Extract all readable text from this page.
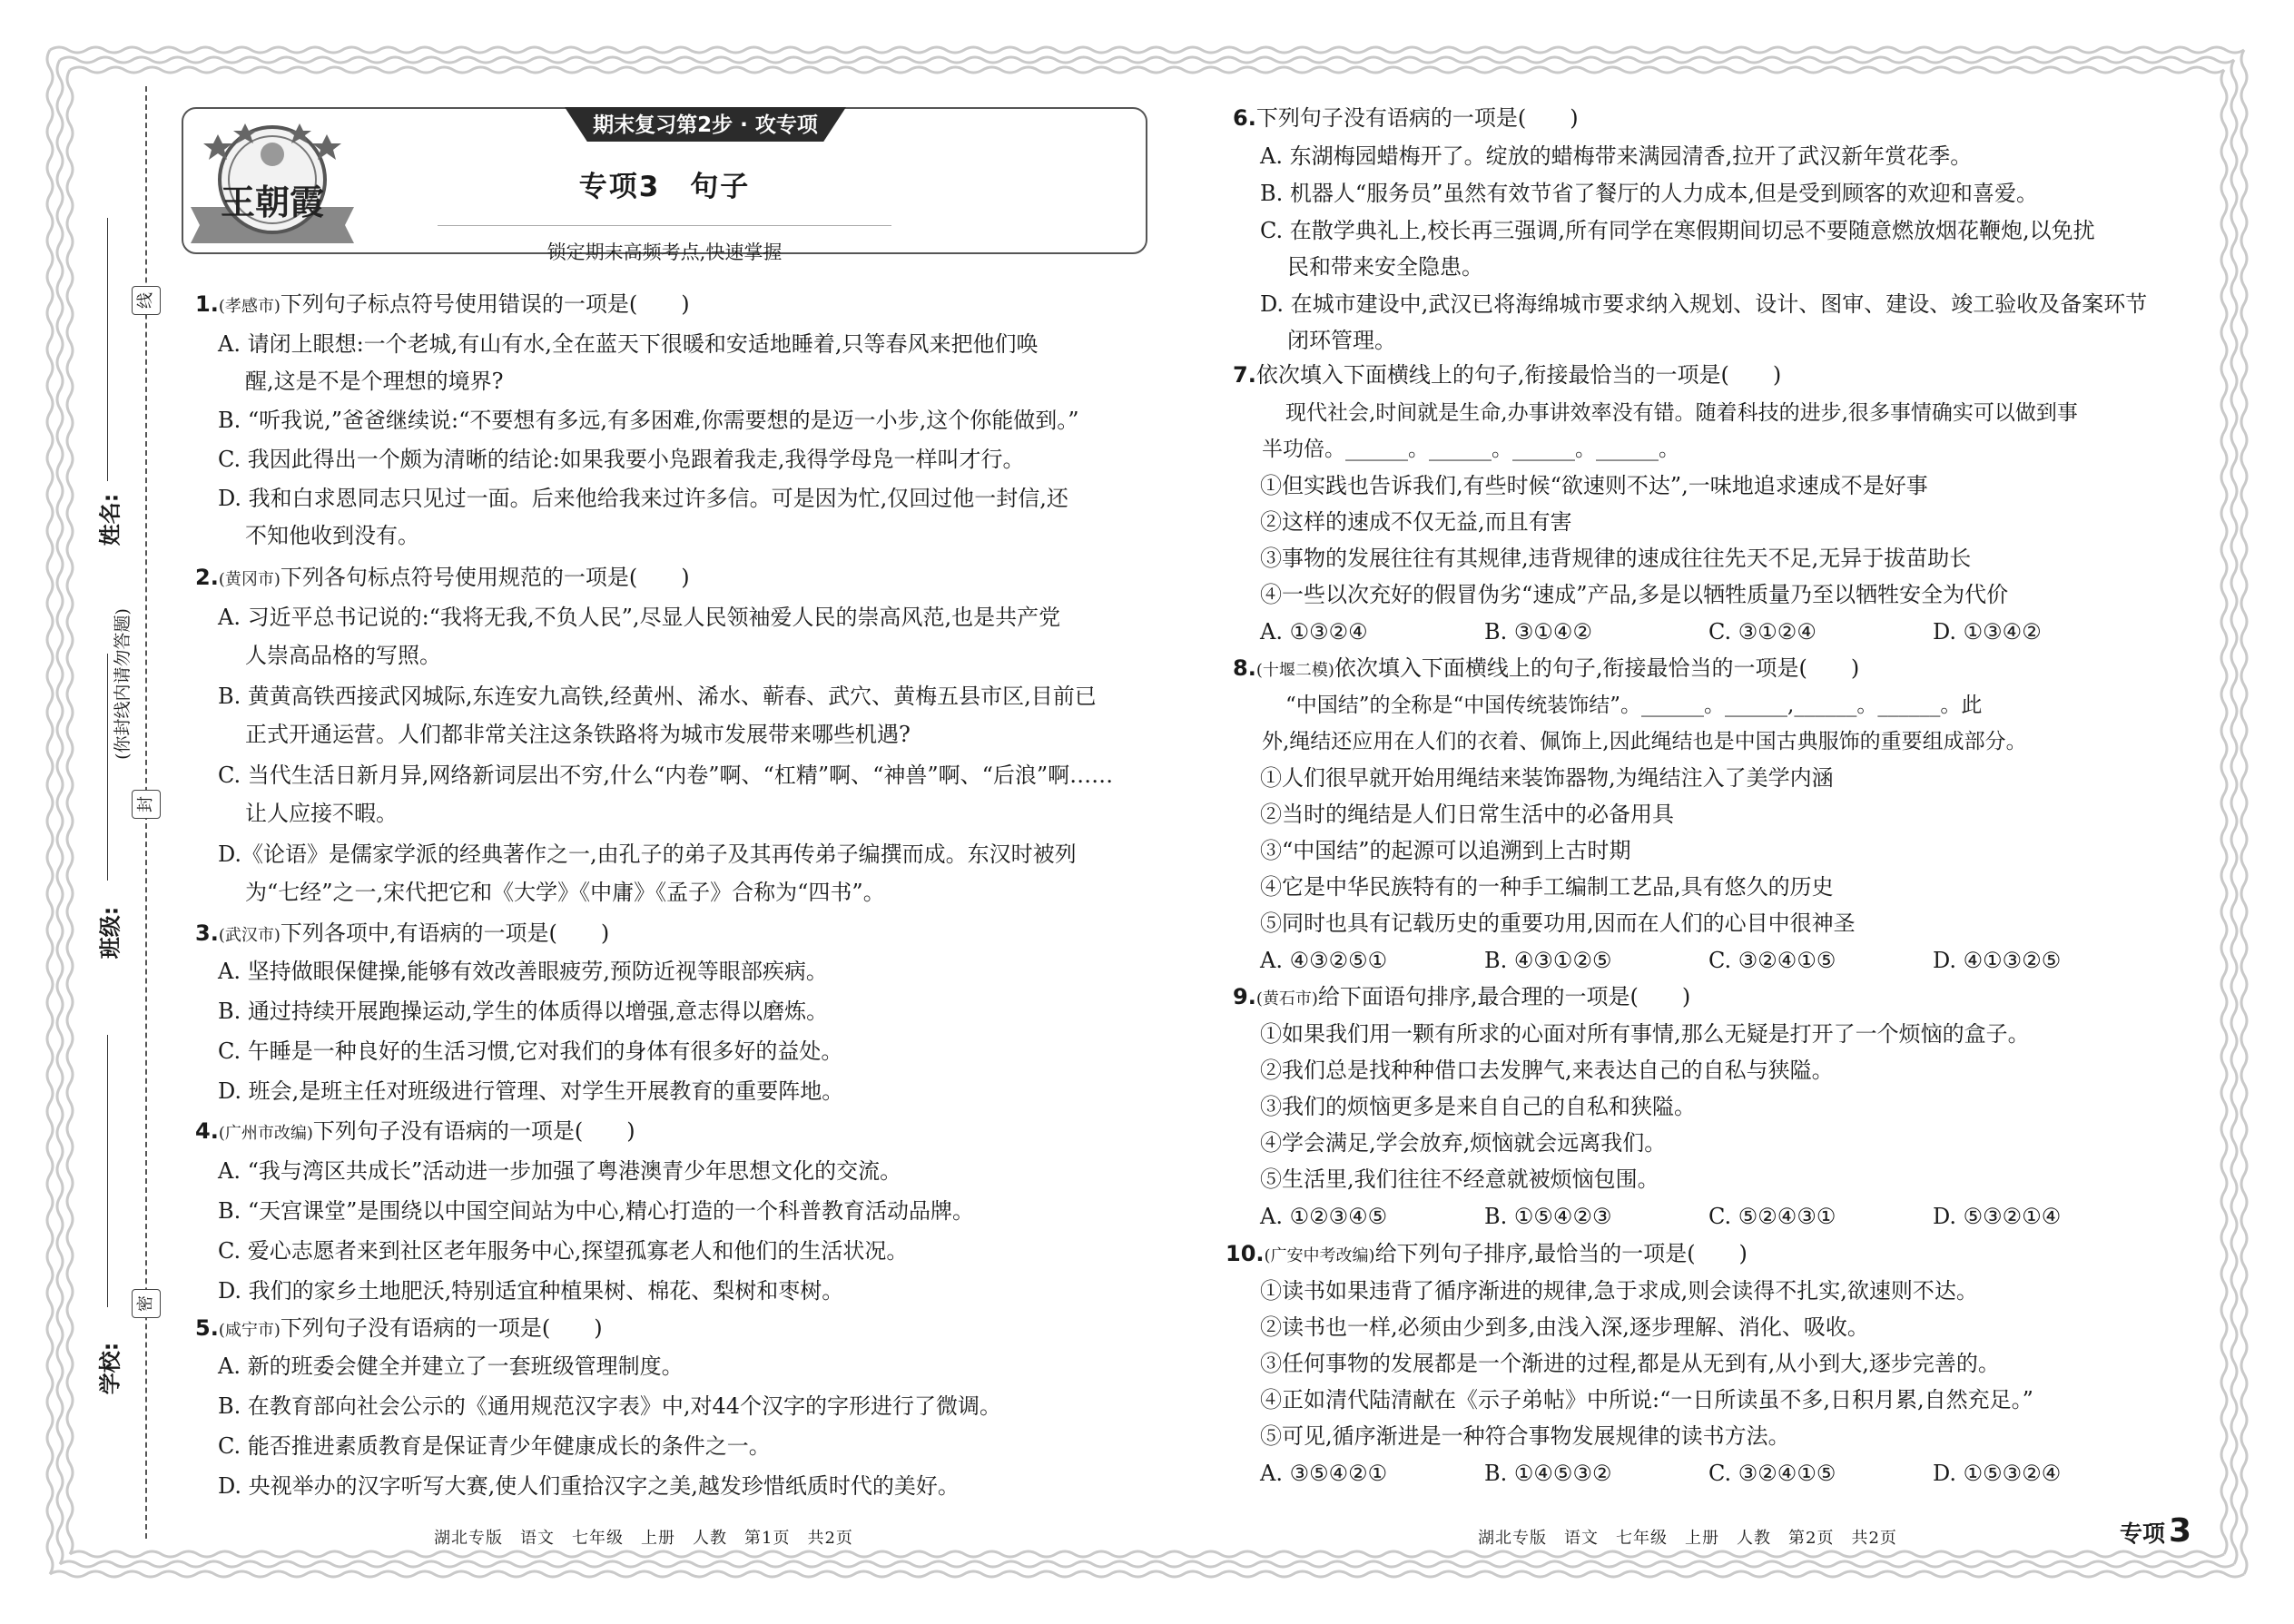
姓名:
班级:
学校:
(你封线内请勿答题)
线
封
密
期末复习第2步 · 攻专项
专项3　句子
锁定期末高频考点,快速掌握
王朝霞
1.(孝感市)下列句子标点符号使用错误的一项是(　　)
A. 请闭上眼想:一个老城,有山有水,全在蓝天下很暖和安适地睡着,只等春风来把他们唤
醒,这是不是个理想的境界?
B. “听我说,”爸爸继续说:“不要想有多远,有多困难,你需要想的是迈一小步,这个你能做到。”
C. 我因此得出一个颇为清晰的结论:如果我要小凫跟着我走,我得学母凫一样叫才行。
D. 我和白求恩同志只见过一面。后来他给我来过许多信。可是因为忙,仅回过他一封信,还
不知他收到没有。
2.(黄冈市)下列各句标点符号使用规范的一项是(　　)
A. 习近平总书记说的:“我将无我,不负人民”,尽显人民领袖爱人民的崇高风范,也是共产党
人崇高品格的写照。
B. 黄黄高铁西接武冈城际,东连安九高铁,经黄州、浠水、蕲春、武穴、黄梅五县市区,目前已
正式开通运营。人们都非常关注这条铁路将为城市发展带来哪些机遇?
C. 当代生活日新月异,网络新词层出不穷,什么“内卷”啊、“杠精”啊、“神兽”啊、“后浪”啊……
让人应接不暇。
D.《论语》是儒家学派的经典著作之一,由孔子的弟子及其再传弟子编撰而成。东汉时被列
为“七经”之一,宋代把它和《大学》《中庸》《孟子》合称为“四书”。
3.(武汉市)下列各项中,有语病的一项是(　　)
A. 坚持做眼保健操,能够有效改善眼疲劳,预防近视等眼部疾病。
B. 通过持续开展跑操运动,学生的体质得以增强,意志得以磨炼。
C. 午睡是一种良好的生活习惯,它对我们的身体有很多好的益处。
D. 班会,是班主任对班级进行管理、对学生开展教育的重要阵地。
4.(广州市改编)下列句子没有语病的一项是(　　)
A. “我与湾区共成长”活动进一步加强了粤港澳青少年思想文化的交流。
B. “天宫课堂”是围绕以中国空间站为中心,精心打造的一个科普教育活动品牌。
C. 爱心志愿者来到社区老年服务中心,探望孤寡老人和他们的生活状况。
D. 我们的家乡土地肥沃,特别适宜种植果树、棉花、梨树和枣树。
5.(咸宁市)下列句子没有语病的一项是(　　)
A. 新的班委会健全并建立了一套班级管理制度。
B. 在教育部向社会公示的《通用规范汉字表》中,对44个汉字的字形进行了微调。
C. 能否推进素质教育是保证青少年健康成长的条件之一。
D. 央视举办的汉字听写大赛,使人们重拾汉字之美,越发珍惜纸质时代的美好。
湖北专版　语文　七年级　上册　人教　第1页　共2页
6.下列句子没有语病的一项是(　　)
A. 东湖梅园蜡梅开了。绽放的蜡梅带来满园清香,拉开了武汉新年赏花季。
B. 机器人“服务员”虽然有效节省了餐厅的人力成本,但是受到顾客的欢迎和喜爱。
C. 在散学典礼上,校长再三强调,所有同学在寒假期间切忌不要随意燃放烟花鞭炮,以免扰
民和带来安全隐患。
D. 在城市建设中,武汉已将海绵城市要求纳入规划、设计、图审、建设、竣工验收及备案环节
闭环管理。
7.依次填入下面横线上的句子,衔接最恰当的一项是(　　)
现代社会,时间就是生命,办事讲效率没有错。随着科技的进步,很多事情确实可以做到事
半功倍。______。______。______。______。
①但实践也告诉我们,有些时候“欲速则不达”,一味地追求速成不是好事
②这样的速成不仅无益,而且有害
③事物的发展往往有其规律,违背规律的速成往往先天不足,无异于拔苗助长
④一些以次充好的假冒伪劣“速成”产品,多是以牺牲质量乃至以牺牲安全为代价
A. ①③②④	B. ③①④②	C. ③①②④	D. ①③④②
8.(十堰二模)依次填入下面横线上的句子,衔接最恰当的一项是(　　)
“中国结”的全称是“中国传统装饰结”。______。______,______。______。此
外,绳结还应用在人们的衣着、佩饰上,因此绳结也是中国古典服饰的重要组成部分。
①人们很早就开始用绳结来装饰器物,为绳结注入了美学内涵
②当时的绳结是人们日常生活中的必备用具
③“中国结”的起源可以追溯到上古时期
④它是中华民族特有的一种手工编制工艺品,具有悠久的历史
⑤同时也具有记载历史的重要功用,因而在人们的心目中很神圣
A. ④③②⑤①	B. ④③①②⑤	C. ③②④①⑤	D. ④①③②⑤
9.(黄石市)给下面语句排序,最合理的一项是(　　)
①如果我们用一颗有所求的心面对所有事情,那么无疑是打开了一个烦恼的盒子。
②我们总是找种种借口去发脾气,来表达自己的自私与狭隘。
③我们的烦恼更多是来自自己的自私和狭隘。
④学会满足,学会放弃,烦恼就会远离我们。
⑤生活里,我们往往不经意就被烦恼包围。
A. ①②③④⑤	B. ①⑤④②③	C. ⑤②④③①	D. ⑤③②①④
10.(广安中考改编)给下列句子排序,最恰当的一项是(　　)
①读书如果违背了循序渐进的规律,急于求成,则会读得不扎实,欲速则不达。
②读书也一样,必须由少到多,由浅入深,逐步理解、消化、吸收。
③任何事物的发展都是一个渐进的过程,都是从无到有,从小到大,逐步完善的。
④正如清代陆清献在《示子弟帖》中所说:“一日所读虽不多,日积月累,自然充足。”
⑤可见,循序渐进是一种符合事物发展规律的读书方法。
A. ③⑤④②①	B. ①④⑤③②	C. ③②④①⑤	D. ①⑤③②④
湖北专版　语文　七年级　上册　人教　第2页　共2页	专项 3
